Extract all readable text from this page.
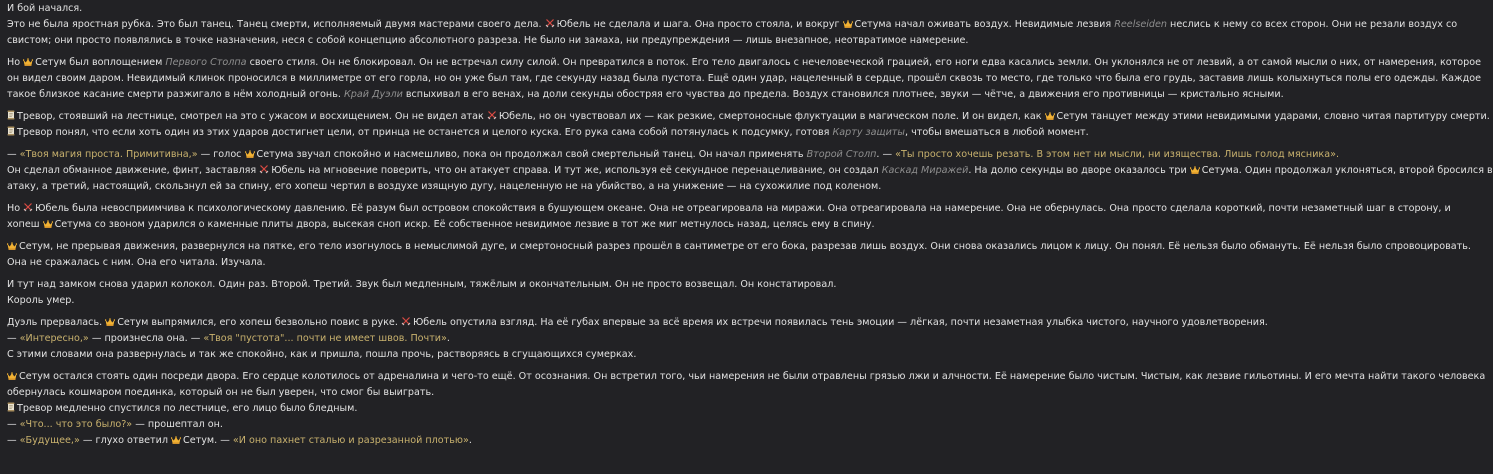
И бой начался.
Это не была яростная рубка. Это был танец. Танец смерти, исполняемый двумя мастерами своего дела. Юбель не сделала и шага. Она просто стояла, и вокруг Сетума начал оживать воздух. Невидимые лезвия Reelseiden неслись к нему со всех сторон. Они не резали воздух со
свистом; они просто появлялись в точке назначения, неся с собой концепцию абсолютного разреза. Не было ни замаха, ни предупреждения — лишь внезапное, неотвратимое намерение.
Но Сетум был воплощением Первого Столпа своего стиля. Он не блокировал. Он не встречал силу силой. Он превратился в поток. Его тело двигалось с нечеловеческой грацией, его ноги едва касались земли. Он уклонялся не от лезвий, а от самой мысли о них, от намерения, которое
он видел своим даром. Невидимый клинок проносился в миллиметре от его горла, но он уже был там, где секунду назад была пустота. Ещё один удар, нацеленный в сердце, прошёл сквозь то место, где только что была его грудь, заставив лишь колыхнуться полы его одежды. Каждое
такое близкое касание смерти разжигало в нём холодный огонь. Край Дуэли вспыхивал в его венах, на доли секунды обостряя его чувства до предела. Воздух становился плотнее, звуки — чётче, а движения его противницы — кристально ясными.
Тревор, стоявший на лестнице, смотрел на это с ужасом и восхищением. Он не видел атак Юбель, но он чувствовал их — как резкие, смертоносные флуктуации в магическом поле. И он видел, как Сетум танцует между этими невидимыми ударами, словно читая партитуру смерти.
Тревор понял, что если хоть один из этих ударов достигнет цели, от принца не останется и целого куска. Его рука сама собой потянулась к подсумку, готовя Карту защиты, чтобы вмешаться в любой момент.
— «Твоя магия проста. Примитивна,» — голос Сетума звучал спокойно и насмешливо, пока он продолжал свой смертельный танец. Он начал применять Второй Столп. — «Ты просто хочешь резать. В этом нет ни мысли, ни изящества. Лишь голод мясника».
Он сделал обманное движение, финт, заставляя Юбель на мгновение поверить, что он атакует справа. И тут же, используя её секундное перенацеливание, он создал Каскад Миражей. На долю секунды во дворе оказалось три Сетума. Один продолжал уклоняться, второй бросился в
атаку, а третий, настоящий, скользнул ей за спину, его хопеш чертил в воздухе изящную дугу, нацеленную не на убийство, а на унижение — на сухожилие под коленом.
Но Юбель была невосприимчива к психологическому давлению. Её разум был островом спокойствия в бушующем океане. Она не отреагировала на миражи. Она отреагировала на намерение. Она не обернулась. Она просто сделала короткий, почти незаметный шаг в сторону, и
хопеш Сетума со звоном ударился о каменные плиты двора, высекая сноп искр. Её собственное невидимое лезвие в тот же миг метнулось назад, целясь ему в спину.
Сетум, не прерывая движения, развернулся на пятке, его тело изогнулось в немыслимой дуге, и смертоносный разрез прошёл в сантиметре от его бока, разрезав лишь воздух. Они снова оказались лицом к лицу. Он понял. Её нельзя было обмануть. Её нельзя было спровоцировать.
Она не сражалась с ним. Она его читала. Изучала.
И тут над замком снова ударил колокол. Один раз. Второй. Третий. Звук был медленным, тяжёлым и окончательным. Он не просто возвещал. Он констатировал.
Король умер.
Дуэль прервалась. Сетум выпрямился, его хопеш безвольно повис в руке. Юбель опустила взгляд. На её губах впервые за всё время их встречи появилась тень эмоции — лёгкая, почти незаметная улыбка чистого, научного удовлетворения.
— «Интересно,» — произнесла она. — «Твоя "пустота"... почти не имеет швов. Почти».
С этими словами она развернулась и так же спокойно, как и пришла, пошла прочь, растворяясь в сгущающихся сумерках.
Сетум остался стоять один посреди двора. Его сердце колотилось от адреналина и чего-то ещё. От осознания. Он встретил того, чьи намерения не были отравлены грязью лжи и алчности. Её намерение было чистым. Чистым, как лезвие гильотины. И его мечта найти такого человека
обернулась кошмаром поединка, который он не был уверен, что смог бы выиграть.
Тревор медленно спустился по лестнице, его лицо было бледным.
— «Что... что это было?» — прошептал он.
— «Будущее,» — глухо ответил Сетум. — «И оно пахнет сталью и разрезанной плотью».
